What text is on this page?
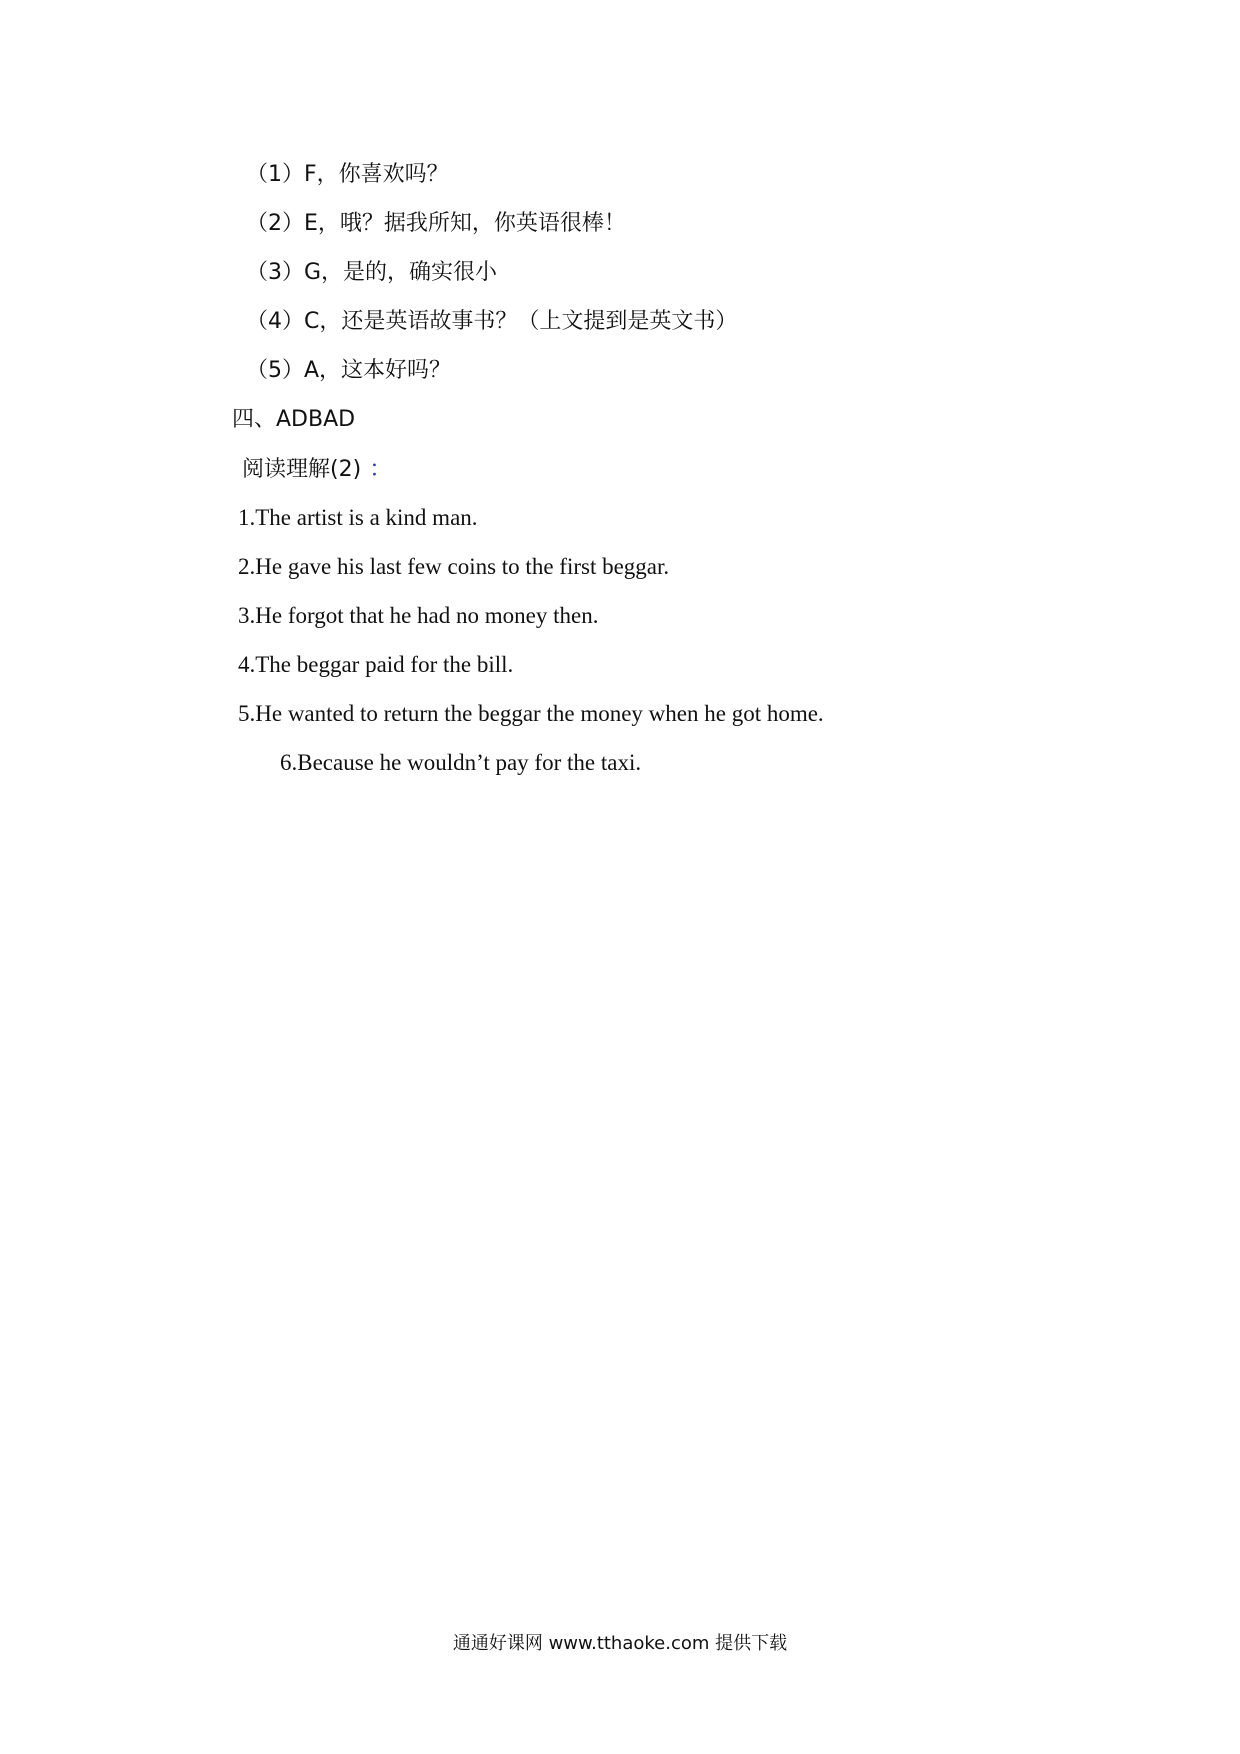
（1）F，你喜欢吗？
（2）E，哦？据我所知，你英语很棒！
（3）G，是的，确实很小
（4）C，还是英语故事书？（上文提到是英文书）
（5）A，这本好吗？
四、ADBAD
阅读理解(2) ：
1.The artist is a kind man.
2.He gave his last few coins to the first beggar.
3.He forgot that he had no money then.
4.The beggar paid for the bill.
5.He wanted to return the beggar the money when he got home.
6.Because he wouldn’t pay for the taxi.
通通好课网 www.tthaoke.com 提供下载
